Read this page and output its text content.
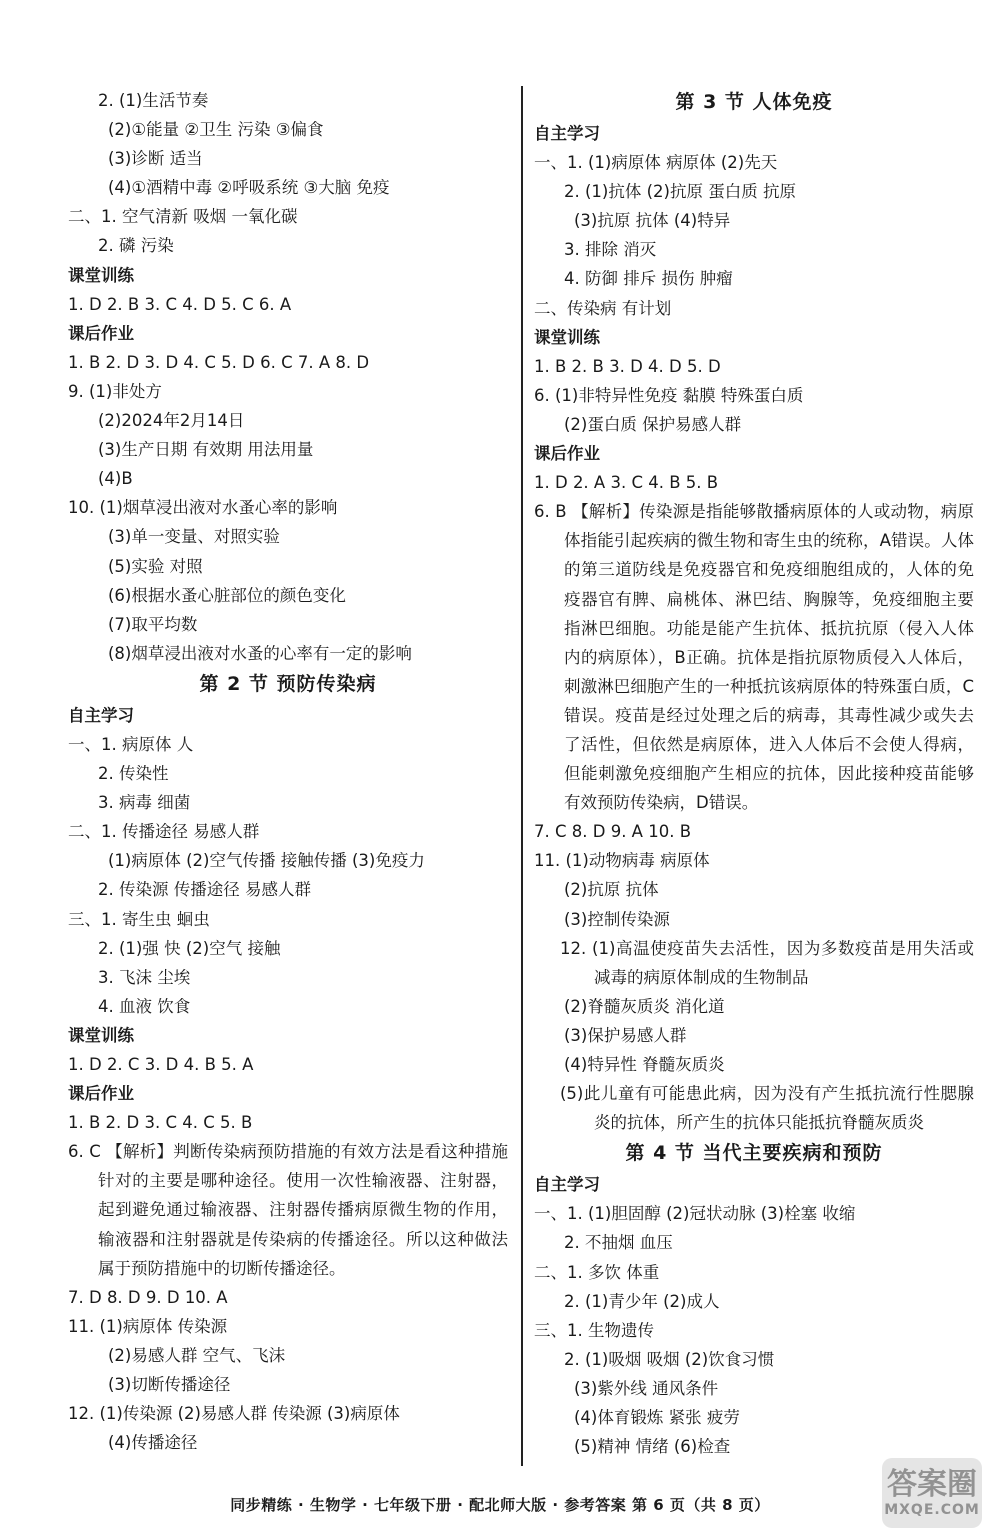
2. (1)生活节奏
(2)①能量 ②卫生 污染 ③偏食
(3)诊断 适当
(4)①酒精中毒 ②呼吸系统 ③大脑 免疫
二、1. 空气清新 吸烟 一氧化碳
2. 磷 污染
课堂训练
1. D 2. B 3. C 4. D 5. C 6. A
课后作业
1. B 2. D 3. D 4. C 5. D 6. C 7. A 8. D
9. (1)非处方
(2)2024年2月14日
(3)生产日期 有效期 用法用量
(4)B
10. (1)烟草浸出液对水蚤心率的影响
(3)单一变量、对照实验
(5)实验 对照
(6)根据水蚤心脏部位的颜色变化
(7)取平均数
(8)烟草浸出液对水蚤的心率有一定的影响
第 2 节 预防传染病
自主学习
一、1. 病原体 人
2. 传染性
3. 病毒 细菌
二、1. 传播途径 易感人群
(1)病原体 (2)空气传播 接触传播 (3)免疫力
2. 传染源 传播途径 易感人群
三、1. 寄生虫 蛔虫
2. (1)强 快 (2)空气 接触
3. 飞沫 尘埃
4. 血液 饮食
课堂训练
1. D 2. C 3. D 4. B 5. A
课后作业
1. B 2. D 3. C 4. C 5. B

6. C 【解析】判断传染病预防措施的有效方法是看这种措施针对的主要是哪种途径。使用一次性输液器、注射器，起到避免通过输液器、注射器传播病原微生物的作用，输液器和注射器就是传染病的传播途径。所以这种做法属于预防措施中的切断传播途径。

7. D 8. D 9. D 10. A
11. (1)病原体 传染源
(2)易感人群 空气、飞沫
(3)切断传播途径
12. (1)传染源 (2)易感人群 传染源 (3)病原体
(4)传播途径
第 3 节 人体免疫
自主学习
一、1. (1)病原体 病原体 (2)先天
2. (1)抗体 (2)抗原 蛋白质 抗原
(3)抗原 抗体 (4)特异
3. 排除 消灭
4. 防御 排斥 损伤 肿瘤
二、传染病 有计划
课堂训练
1. B 2. B 3. D 4. D 5. D
6. (1)非特异性免疫 黏膜 特殊蛋白质
(2)蛋白质 保护易感人群
课后作业
1. D 2. A 3. C 4. B 5. B

6. B 【解析】传染源是指能够散播病原体的人或动物，病原体指能引起疾病的微生物和寄生虫的统称，A错误。人体的第三道防线是免疫器官和免疫细胞组成的，人体的免疫器官有脾、扁桃体、淋巴结、胸腺等，免疫细胞主要指淋巴细胞。功能是能产生抗体、抵抗抗原（侵入人体内的病原体），B正确。抗体是指抗原物质侵入人体后，刺激淋巴细胞产生的一种抵抗该病原体的特殊蛋白质，C错误。疫苗是经过处理之后的病毒，其毒性减少或失去了活性，但依然是病原体，进入人体后不会使人得病，但能刺激免疫细胞产生相应的抗体，因此接种疫苗能够有效预防传染病，D错误。

7. C 8. D 9. A 10. B
11. (1)动物病毒 病原体
(2)抗原 抗体
(3)控制传染源

12. (1)高温使疫苗失去活性，因为多数疫苗是用失活或减毒的病原体制成的生物制品

(2)脊髓灰质炎 消化道
(3)保护易感人群
(4)特异性 脊髓灰质炎

(5)此儿童有可能患此病，因为没有产生抵抗流行性腮腺炎的抗体，所产生的抗体只能抵抗脊髓灰质炎

第 4 节 当代主要疾病和预防
自主学习
一、1. (1)胆固醇 (2)冠状动脉 (3)栓塞 收缩
2. 不抽烟 血压
二、1. 多饮 体重
2. (1)青少年 (2)成人
三、1. 生物遗传
2. (1)吸烟 吸烟 (2)饮食习惯
(3)紫外线 通风条件
(4)体育锻炼 紧张 疲劳
(5)精神 情绪 (6)检查
同步精练 · 生物学 · 七年级下册 · 配北师大版 · 参考答案 第 6 页（共 8 页）
答案圈
MXQE.COM
